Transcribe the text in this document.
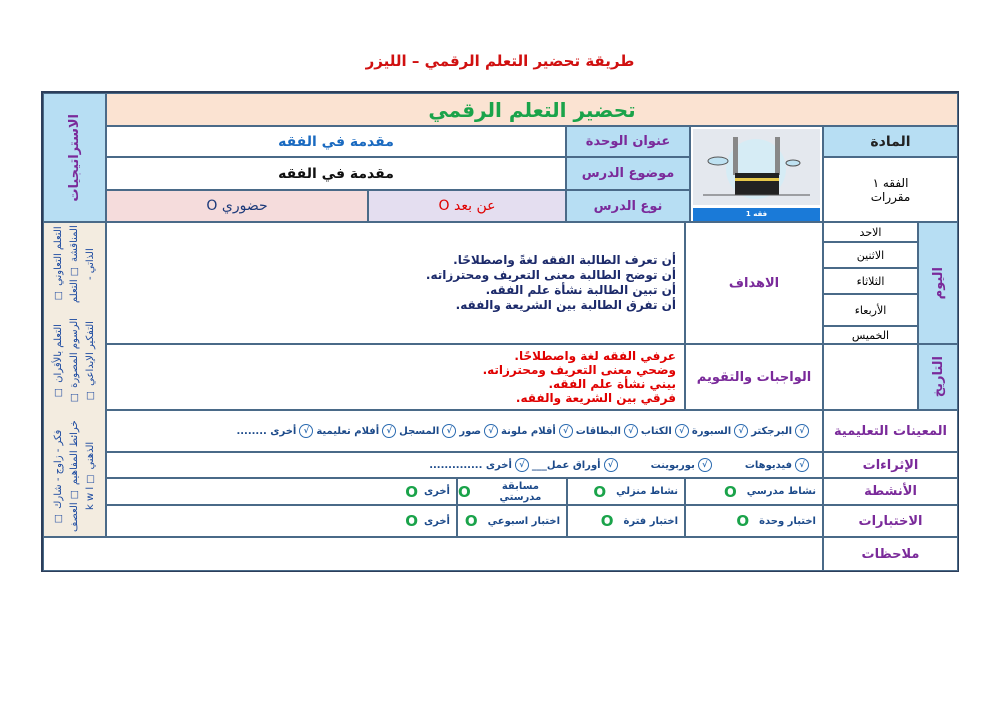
طريقة تحضير التعلم الرقمي – الليزر
تحضير التعلم الرقمي
الاستراتيجيات
التعلم التعاوني ☐ المناقشة ☐ التعلم الذاتي -
التعلم بالأقران ☐ الرسوم المصورة ☐ التفكير الإبداعي ☐
فكر - زاوج - شارك ☐ خرائط المفاهيم ☐ العصف الذهني ☐ k w l
المادة
الفقه ١
مقررات
فقه 1
عنوان الوحدة
مقدمة في الفقه
موضوع الدرس
مقدمة في الفقه
نوع الدرس
عن بعد O
حضوري O
اليوم
الاحد
الاثنين
الثلاثاء
الأربعاء
الخميس
التاريخ
الاهداف
أن تعرف الطالبة الفقه لغةً واصطلاحًا.
أن توضح الطالبة معنى التعريف ومحترزاته.
أن تبين الطالبة نشأة علم الفقه.
أن تفرق الطالبة بين الشريعة والفقه.
الواجبات والتقويم
عرفي الفقه لغة واصطلاحًا.
وضحي معنى التعريف ومحترزاته.
بيني نشأة علم الفقه.
فرقي بين الشريعة والفقه.
المعينات التعليمية
√
البرجكتر
√
السبورة
√
الكتاب
√
البطاقات
√
أقلام ملونة
√
صور
√
المسجل
√
أفلام تعليمية
√
أخرى ........
الإثراءات
√
فيديوهات
√
بوربوينت
√
أوراق عمل___
√
أخرى ..............
الأنشطة
نشاط مدرسي
O
نشاط منزلي
O
مسابقة مدرستي
O
أخرى
O
الاختبارات
اختبار وحدة
O
اختبار فترة
O
اختبار اسبوعي
O
أخرى
O
ملاحظات
